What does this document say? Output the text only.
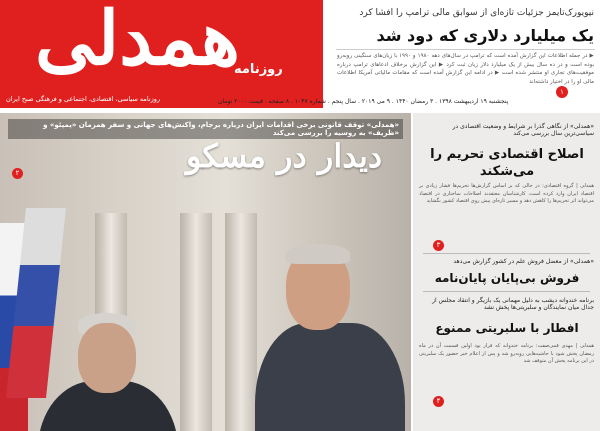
همدلی
روزنامه
روزنامه سیاسی، اقتصادی، اجتماعی و فرهنگی صبح ایران
نیویورک‌تایمز جزئیات تازه‌ای از سوابق مالی ترامپ را افشا کرد
یک میلیارد دلاری که دود شد
▶ در جمله اطلاعات این گزارش آمده است که ترامپ در سال‌های دهه ۱۹۸۰ و ۱۹۹۰ با زیان‌های سنگینی روبه‌رو بوده است و در ده سال بیش از یک میلیارد دلار زیان ثبت کرد ▶ این گزارش برخلاف ادعاهای ترامپ درباره موفقیت‌های تجاری او منتشر شده است ▶ در ادامه این گزارش آمده است که مقامات مالیاتی آمریکا اطلاعات مالی او را در اختیار داشته‌اند
۱
پنجشنبه ۱۹ اردیبهشت ۱۳۹۸ . ۳ رمضان ۱۴۴۰ . ۹ می ۲۰۱۹ . سال پنجم . شماره ۱۰۴۷ . ۸ صفحه . قیمت ۲۰۰۰ تومان
«همدلی» توقف قانونی برخی اقدامات ایران درباره برجام، واکنش‌های جهانی و سفر همزمان «پمپئو» و «ظریف» به روسیه را بررسی می‌کند
دیدار در مسکو
۲
«همدلی» از نگاهی گذرا بر شرایط و وضعیت اقتصادی در سیاسی‌ترین سال بررسی می‌کند
اصلاح اقتصادی تحریم را می‌شکند
همدلی | گروه اقتصادی: در حالی که بر اساس گزارش‌ها تحریم‌ها فشار زیادی بر اقتصاد ایران وارد کرده است، کارشناسان معتقدند اصلاحات ساختاری در اقتصاد می‌تواند اثر تحریم‌ها را کاهش دهد و مسیر تازه‌ای پیش روی اقتصاد کشور بگشاید
۳
«همدلی» از معضل فروش علم در کشور گزارش می‌دهد
فروش بی‌پایان پایان‌نامه
برنامه خندوانه دیشب به دلیل مهمانی یک بازیگر و انتقاد مجلس از جدال میان نمایندگان و سلبریتی‌ها پخش نشد
افطار با سلبریتی ممنوع
همدلی | مهدی قمی‌صفت: برنامه خندوانه که قرار بود اولین قسمت آن در ماه رمضان پخش شود با حاشیه‌هایی روبه‌رو شد و پس از اعلام خبر حضور یک سلبریتی در این برنامه پخش آن متوقف شد
۴
